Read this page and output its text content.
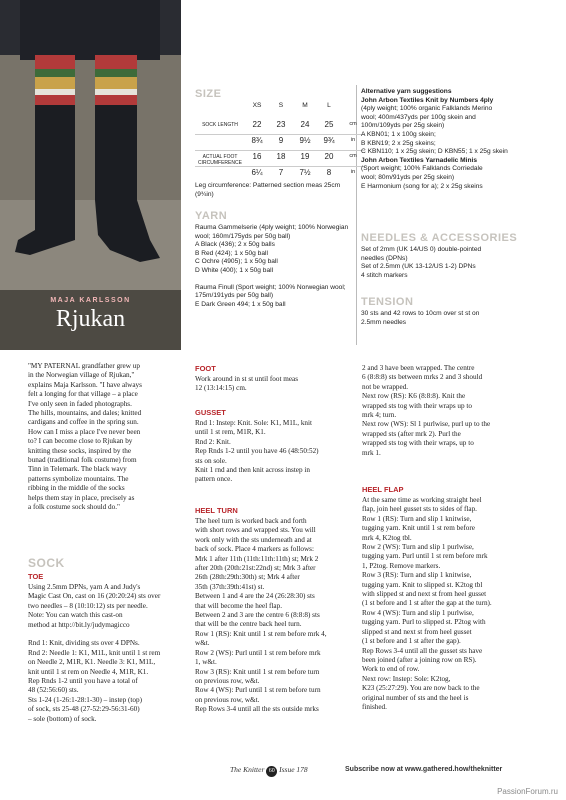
MAJA KARLSSON
Rjukan
SIZE
XS	S	M	L
SOCK LENGTH	22	23	24	25	cm
8¾	9	9½	9¾	in
ACTUAL FOOT CIRCUMFERENCE
16	18	19	20	cm
6¼	7	7½	8	in
Leg circumference: Patterned section meas 25cm (9¾in)
YARN
Rauma Gammelserie (4ply weight; 100% Norwegian wool; 160m/175yds per 50g ball)
A Black (436); 2 x 50g balls
B Red (424); 1 x 50g ball
C Ochre (4905); 1 x 50g ball
D White (400); 1 x 50g ball
Rauma Finull (Sport weight; 100% Norwegian wool; 175m/191yds per 50g ball)
E Dark Green 494; 1 x 50g ball
Alternative yarn suggestions
John Arbon Textiles Knit by Numbers 4ply
(4ply weight; 100% organic Falklands Merino
wool; 400m/437yds per 100g skein and
100m/109yds per 25g skein)
A KBN01; 1 x 100g skein;
B KBN19; 2 x 25g skeins;
C KBN110; 1 x 25g skein; D KBN55; 1 x 25g skein
John Arbon Textiles Yarnadelic Minis
(Sport weight; 100% Falklands Corriedale
wool; 80m/91yds per 25g skein)
E Harmonium (song for a); 2 x 25g skeins
NEEDLES & ACCESSORIES
Set of 2mm (UK 14/US 0) double-pointed
needles (DPNs)
Set of 2.5mm (UK 13-12/US 1-2) DPNs
4 stitch markers
TENSION
30 sts and 42 rows to 10cm over st st on
2.5mm needles
"MY PATERNAL grandfather grew up
in the Norwegian village of Rjukan,"
explains Maja Karlsson. "I have always
felt a longing for that village – a place
I've only seen in faded photographs.
The hills, mountains, and dales; knitted
cardigans and coffee in the spring sun.
How can I miss a place I've never been
to? I can become close to Rjukan by
knitting these socks, inspired by the
bunad (traditional folk costume) from
Tinn in Telemark. The black wavy
patterns symbolize mountains. The
ribbing in the middle of the socks
helps them stay in place, precisely as
a folk costume sock should do."
SOCK
TOE
Using 2.5mm DPNs, yarn A and Judy's
Magic Cast On, cast on 16 (20:20:24) sts over
two needles – 8 (10:10:12) sts per needle.
Note: You can watch this cast-on
method at http://bit.ly/judymagicco

Rnd 1: Knit, dividing sts over 4 DPNs.
Rnd 2: Needle 1: K1, M1L, knit until 1 st rem
on Needle 2, M1R, K1. Needle 3: K1, M1L,
knit until 1 st rem on Needle 4, M1R, K1.
Rep Rnds 1-2 until you have a total of
48 (52:56:60) sts.
Sts 1-24 (1-26:1-28:1-30) – instep (top)
of sock, sts 25-48 (27-52:29-56:31-60)
– sole (bottom) of sock.
FOOT
Work around in st st until foot meas
12 (13:14:15) cm.
GUSSET
Rnd 1: Instep: Knit. Sole: K1, M1L, knit
until 1 st rem, M1R, K1.
Rnd 2: Knit.
Rep Rnds 1-2 until you have 46 (48:50:52)
sts on sole.
Knit 1 rnd and then knit across instep in
pattern once.
HEEL TURN
The heel turn is worked back and forth
with short rows and wrapped sts. You will
work only with the sts underneath and at
back of sock. Place 4 markers as follows:
Mrk 1 after 11th (11th:11th:11th) st; Mrk 2
after 20th (20th:21st:22nd) st; Mrk 3 after
26th (28th:29th:30th) st; Mrk 4 after
35th (37th:39th:41st) st.
Between 1 and 4 are the 24 (26:28:30) sts
that will become the heel flap.
Between 2 and 3 are the centre 6 (8:8:8) sts
that will be the centre back heel turn.
Row 1 (RS): Knit until 1 st rem before mrk 4,
w&t.
Row 2 (WS): Purl until 1 st rem before mrk
1, w&t.
Row 3 (RS): Knit until 1 st rem before turn
on previous row, w&t.
Row 4 (WS): Purl until 1 st rem before turn
on previous row, w&t.
Rep Rows 3-4 until all the sts outside mrks
2 and 3 have been wrapped. The centre
6 (8:8:8) sts between mrks 2 and 3 should
not be wrapped.
Next row (RS): K6 (8:8:8). Knit the
wrapped sts tog with their wraps up to
mrk 4; turn.
Next row (WS): Sl 1 purlwise, purl up to the
wrapped sts (after mrk 2). Purl the
wrapped sts tog with their wraps, up to
mrk 1.
HEEL FLAP
At the same time as working straight heel
flap, join heel gusset sts to sides of flap.
Row 1 (RS): Turn and slip 1 knitwise,
tugging yarn. Knit until 1 st rem before
mrk 4, K2tog tbl.
Row 2 (WS): Turn and slip 1 purlwise,
tugging yarn. Purl until 1 st rem before mrk
1, P2tog. Remove markers.
Row 3 (RS): Turn and slip 1 knitwise,
tugging yarn. Knit to slipped st. K2tog tbl
with slipped st and next st from heel gusset
(1 st before and 1 st after the gap at the turn).
Row 4 (WS): Turn and slip 1 purlwise,
tugging yarn. Purl to slipped st. P2tog with
slipped st and next st from heel gusset
(1 st before and 1 st after the gap).
Rep Rows 3-4 until all the gusset sts have
been joined (after a joining row on RS).
Work to end of row.
Next row: Instep: Sole: K2tog,
K23 (25:27:29). You are now back to the
original number of sts and the heel is
finished.
The Knitter 60 Issue 178	Subscribe now at www.gathered.how/theknitter
PassionForum.ru
